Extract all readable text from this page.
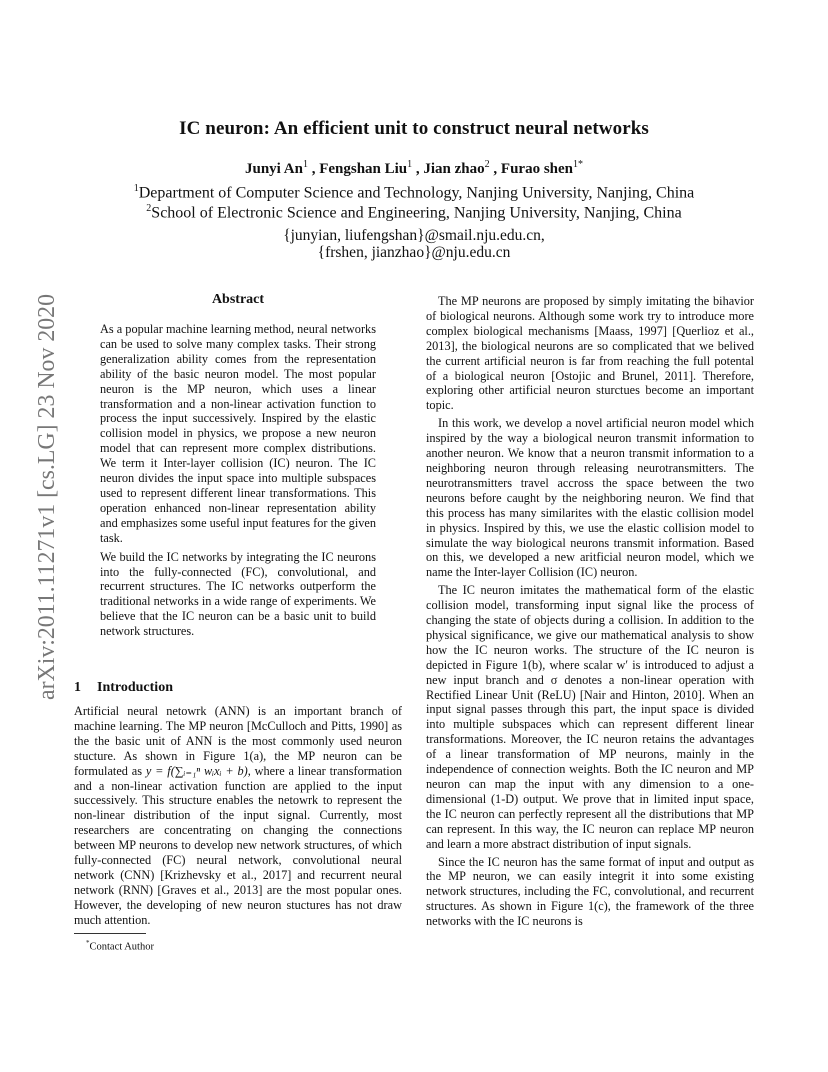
arXiv:2011.11271v1 [cs.LG] 23 Nov 2020
IC neuron: An efficient unit to construct neural networks
Junyi An$^1$ , Fengshan Liu$^1$ , Jian zhao$^2$ , Furao shen$^{1*}$
$^1$Department of Computer Science and Technology, Nanjing University, Nanjing, China
$^2$School of Electronic Science and Engineering, Nanjing University, Nanjing, China
{junyian, liufengshan}@smail.nju.edu.cn,
{frshen, jianzhao}@nju.edu.cn
Abstract

As a popular machine learning method, neural networks can be used to solve many complex tasks. Their strong generalization ability comes from the representation ability of the basic neuron model. The most popular neuron is the MP neuron, which uses a linear transformation and a non-linear activation function to process the input successively. Inspired by the elastic collision model in physics, we propose a new neuron model that can represent more complex distributions. We term it Inter-layer collision (IC) neuron. The IC neuron divides the input space into multiple subspaces used to represent different linear transformations. This operation enhanced non-linear representation ability and emphasizes some useful input features for the given task.

We build the IC networks by integrating the IC neurons into the fully-connected (FC), convolutional, and recurrent structures. The IC networks outperform the traditional networks in a wide range of experiments. We believe that the IC neuron can be a basic unit to build network structures.

1 Introduction

Artificial neural netowrk (ANN) is an important branch of machine learning. The MP neuron [McCulloch and Pitts, 1990] as the the basic unit of ANN is the most commonly used neuron stucture. As shown in Figure 1(a), the MP neuron can be formulated as y = f(∑ᵢ₌₁ⁿ wᵢxᵢ + b), where a linear transformation and a non-linear activation function are applied to the input successively. This structure enables the netowrk to represent the non-linear distribution of the input signal. Currently, most researchers are concentrating on changing the connections between MP neurons to develop new network structures, of which fully-connected (FC) neural network, convolutional neural network (CNN) [Krizhevsky et al., 2017] and recurrent neural network (RNN) [Graves et al., 2013] are the most popular ones. However, the developing of new neuron stuctures has not draw much attention.

The MP neurons are proposed by simply imitating the bihavior of biological neurons. Although some work try to introduce more complex biological mechanisms [Maass, 1997] [Querlioz et al., 2013], the biological neurons are so complicated that we belived the current artificial neuron is far from reaching the full potental of a biological neuron [Ostojic and Brunel, 2011]. Therefore, exploring other artificial neuron sturctues become an important topic.

In this work, we develop a novel artificial neuron model which inspired by the way a biological neuron transmit information to another neuron. We know that a neuron transmit information to a neighboring neuron through releasing neurotransmitters. The neurotransmitters travel accross the space between the two neurons before caught by the neighboring neuron. We find that this process has many similarites with the elastic collision model in physics. Inspired by this, we use the elastic collision model to simulate the way biological neurons transmit information. Based on this, we developed a new aritficial neuron model, which we name the Inter-layer Collision (IC) neuron.

The IC neuron imitates the mathematical form of the elastic collision model, transforming input signal like the process of changing the state of objects during a collision. In addition to the physical significance, we give our mathematical analysis to show how the IC neuron works. The structure of the IC neuron is depicted in Figure 1(b), where scalar w′ is introduced to adjust a new input branch and σ denotes a non-linear operation with Rectified Linear Unit (ReLU) [Nair and Hinton, 2010]. When an input signal passes through this part, the input space is divided into multiple subspaces which can represent different linear transformations. Moreover, the IC neuron retains the advantages of a linear transformation of MP neurons, mainly in the independence of connection weights. Both the IC neuron and MP neuron can map the input with any dimension to a one-dimensional (1-D) output. We prove that in limited input space, the IC neuron can perfectly represent all the distributions that MP can represent. In this way, the IC neuron can replace MP neuron and learn a more abstract distribution of input signals.

Since the IC neuron has the same format of input and output as the MP neuron, we can easily integrit it into some existing network structures, including the FC, convolutional, and recurrent structures. As shown in Figure 1(c), the framework of the three networks with the IC neurons is

*Contact Author
